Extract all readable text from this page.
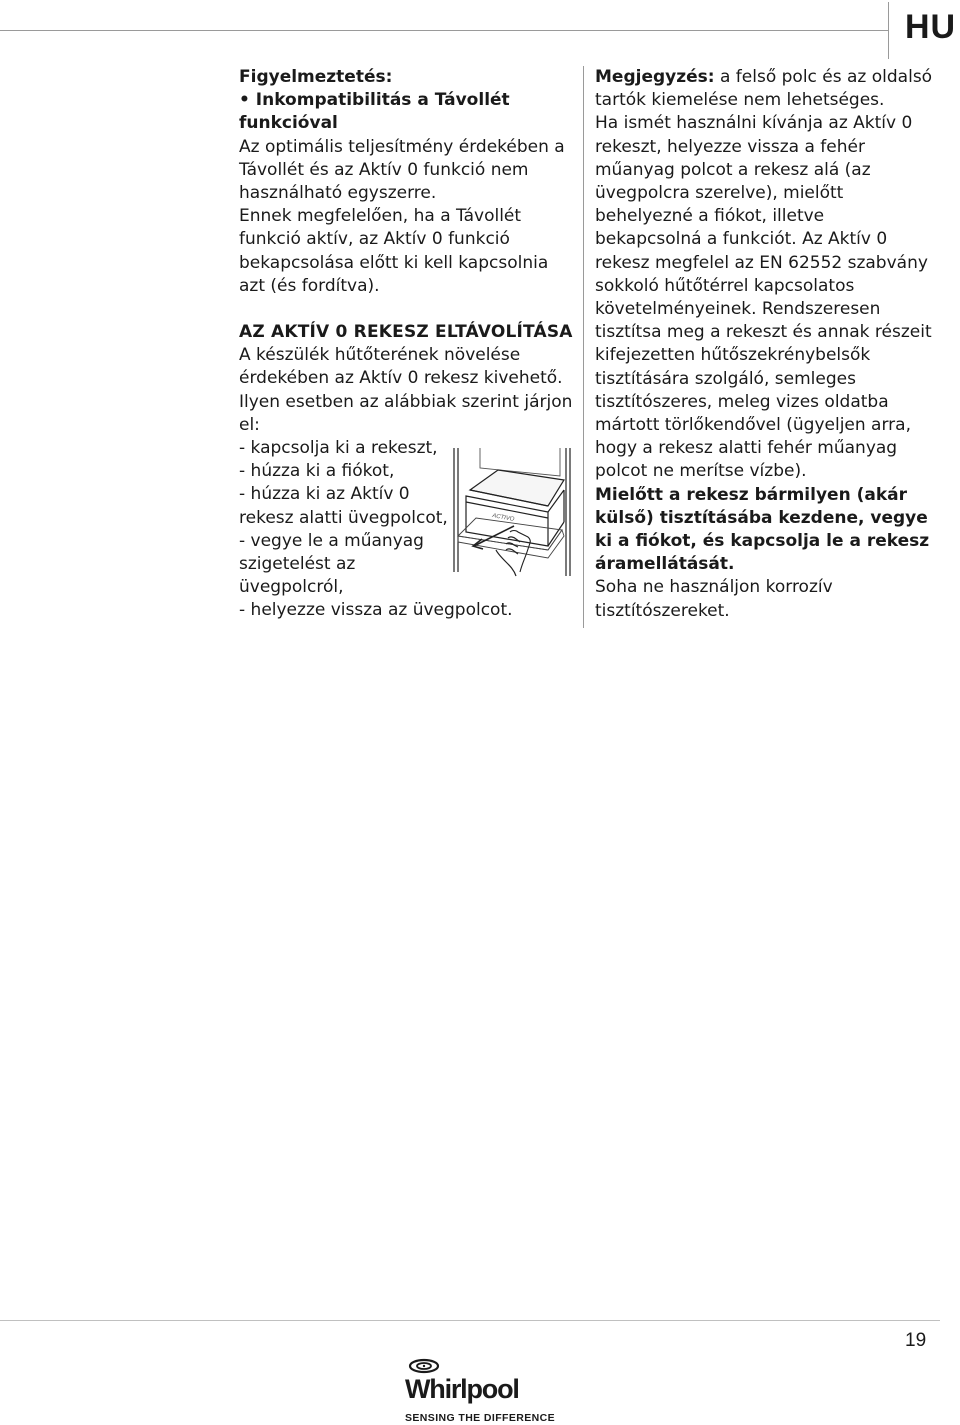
HU
Figyelmeztetés:
• Inkompatibilitás a Távollét
funkcióval
Az optimális teljesítmény érdekében a
Távollét és az Aktív 0 funkció nem
használható egyszerre.
Ennek megfelelően, ha a Távollét
funkció aktív, az Aktív 0 funkció
bekapcsolása előtt ki kell kapcsolnia
azt (és fordítva).
AZ AKTÍV 0 REKESZ ELTÁVOLÍTÁSA
A készülék hűtőterének növelése
érdekében az Aktív 0 rekesz kivehető.
Ilyen esetben az alábbiak szerint járjon
el:
- kapcsolja ki a rekeszt,
- húzza ki a fiókot,
- húzza ki az Aktív 0
rekesz alatti üvegpolcot,
- vegye le a műanyag
szigetelést az
üvegpolcról,
- helyezze vissza az üvegpolcot.
ACTIVO
Megjegyzés: a felső polc és az oldalsó
tartók kiemelése nem lehetséges.
Ha ismét használni kívánja az Aktív 0
rekeszt, helyezze vissza a fehér
műanyag polcot a rekesz alá (az
üvegpolcra szerelve), mielőtt
behelyezné a fiókot, illetve
bekapcsolná a funkciót. Az Aktív 0
rekesz megfelel az EN 62552 szabvány
sokkoló hűtőtérrel kapcsolatos
követelményeinek. Rendszeresen
tisztítsa meg a rekeszt és annak részeit
kifejezetten hűtőszekrénybelsők
tisztítására szolgáló, semleges
tisztítószeres, meleg vizes oldatba
mártott törlőkendővel (ügyeljen arra,
hogy a rekesz alatti fehér műanyag
polcot ne merítse vízbe).
Mielőtt a rekesz bármilyen (akár
külső) tisztításába kezdene, vegye
ki a fiókot, és kapcsolja le a rekesz
áramellátását.
Soha ne használjon korrozív
tisztítószereket.
19
Whirlpool
SENSING THE DIFFERENCE
